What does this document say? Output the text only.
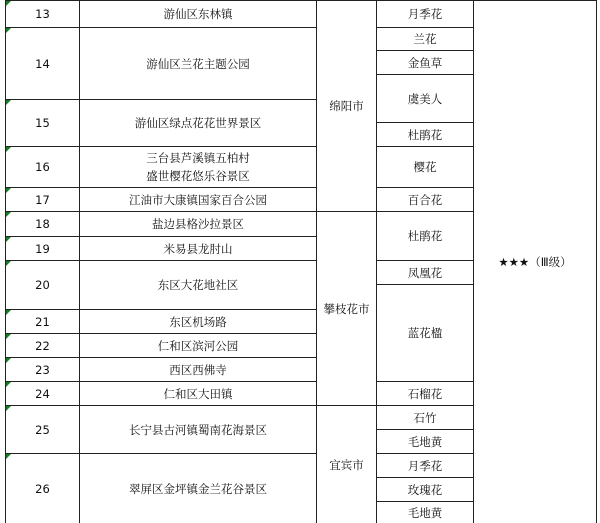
13
14
15
16
17
18
19
20
21
22
23
24
25
26
游仙区东林镇
游仙区兰花主题公园
游仙区绿点花花世界景区
三台县芦溪镇五柏村
盛世樱花悠乐谷景区
江油市大康镇国家百合公园
盐边县格沙拉景区
米易县龙肘山
东区大花地社区
东区机场路
仁和区滨河公园
西区西佛寺
仁和区大田镇
长宁县古河镇蜀南花海景区
翠屏区金坪镇金兰花谷景区
绵阳市
攀枝花市
宜宾市
月季花
兰花
金鱼草
虞美人
杜鹃花
樱花
百合花
杜鹃花
凤凰花
蓝花楹
石榴花
石竹
毛地黄
月季花
玫瑰花
毛地黄
★★★（Ⅲ级）
